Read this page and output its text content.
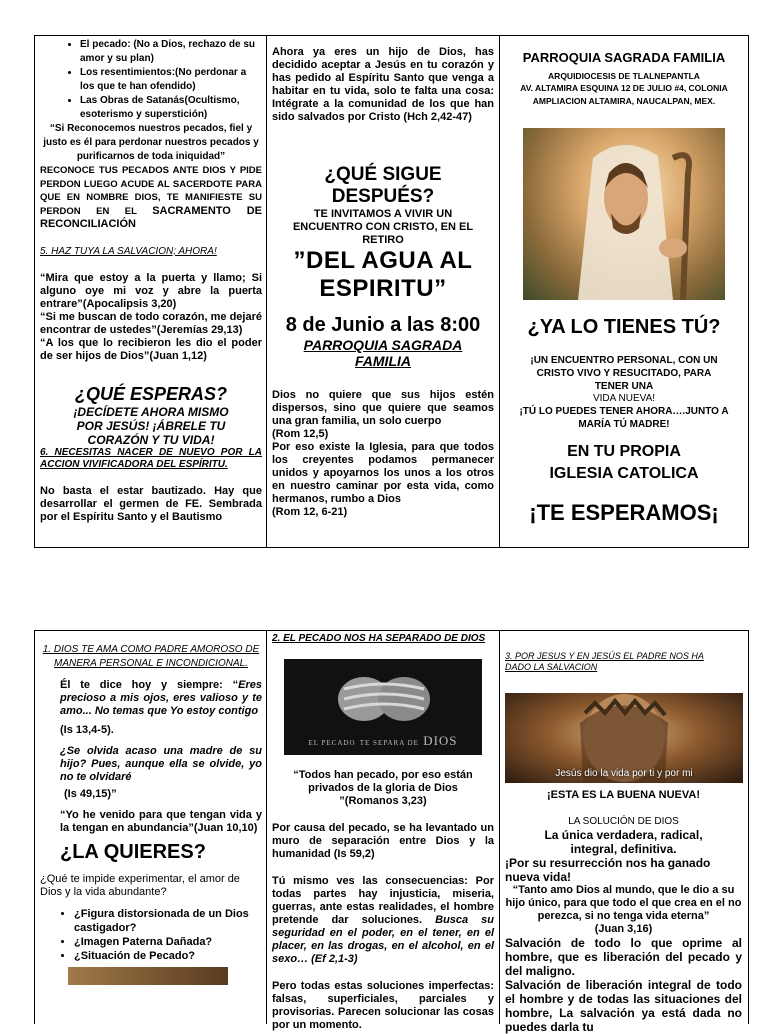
• El pecado: (No a Dios, rechazo de su amor y su plan)
• Los resentimientos:(No perdonar a los que te han ofendido)
• Las Obras de Satanás(Ocultismo, esoterismo y superstición)

“Si Reconocemos nuestros pecados, fiel y justo es él para perdonar nuestros pecados y purificarnos de toda iniquidad”

RECONOCE TUS PECADOS ANTE DIOS Y PIDE PERDON LUEGO ACUDE AL SACERDOTE PARA QUE EN NOMBRE DIOS, TE MANIFIESTE SU PERDON EN EL SACRAMENTO DE RECONCILIACIÓN

5. HAZ TUYA LA SALVACION; AHORA!

“Mira que estoy a la puerta y llamo; Si alguno oye mi voz y abre la puerta entrare”(Apocalipsis 3,20)

“Si me buscan de todo corazón, me dejaré encontrar de ustedes”(Jeremías 29,13)

“A los que lo recibieron les dio el poder de ser hijos de Dios”(Juan 1,12)

¿QUÉ ESPERAS?

¡DECÍDETE AHORA MISMO POR JESÚS! ¡ÁBRELE TU CORAZÓN Y TU VIDA!

6. NECESITAS NACER DE NUEVO POR LA ACCION VIVIFICADORA DEL ESPÍRITU.

No basta el estar bautizado. Hay que desarrollar el germen de FE. Sembrada por el Espíritu Santo y el Bautismo

Ahora ya eres un hijo de Dios, has decidido aceptar a Jesús en tu corazón y has pedido al Espíritu Santo que venga a habitar en tu vida, solo te falta una cosa: Intégrate a la comunidad de los que han sido salvados por Cristo (Hch 2,42-47)

¿QUÉ SIGUE DESPUÉS?

TE INVITAMOS A VIVIR UN ENCUENTRO CON CRISTO, EN EL RETIRO

”DEL AGUA AL ESPIRITU”

8 de Junio a las 8:00

PARROQUIA SAGRADA FAMILIA

Dios no quiere que sus hijos estén dispersos, sino que quiere que seamos una gran familia, un solo cuerpo

(Rom 12,5)

Por eso existe la Iglesia, para que todos los creyentes podamos permanecer unidos y apoyarnos los unos a los otros en nuestro caminar por esta vida, como hermanos, rumbo a Dios

(Rom 12, 6-21)

PARROQUIA SAGRADA FAMILIA

ARQUIDIOCESIS DE TLALNEPANTLA

AV. ALTAMIRA ESQUINA 12 DE JULIO #4, COLONIA AMPLIACION ALTAMIRA, NAUCALPAN, MEX.

¿YA LO TIENES TÚ?

¡UN ENCUENTRO PERSONAL, CON UN CRISTO VIVO Y RESUCITADO, PARA TENER UNA

VIDA NUEVA!

¡TÚ LO PUEDES TENER AHORA….JUNTO A MARÍA TÚ MADRE!

EN TU PROPIA IGLESIA CATOLICA

¡TE ESPERAMOS¡

1. DIOS TE AMA COMO PADRE AMOROSO DE MANERA PERSONAL E INCONDICIONAL.

Él te dice hoy y siempre: “Eres precioso a mis ojos, eres valioso y te amo... No temas que Yo estoy contigo

(Is 13,4-5).

¿Se olvida acaso una madre de su hijo? Pues, aunque ella se olvide, yo no te olvidaré

(Is 49,15)”

“Yo he venido para que tengan vida y la tengan en abundancia”(Juan 10,10)

¿LA QUIERES?

¿Qué te impide experimentar, el amor de Dios y la vida abundante?

• ¿Figura distorsionada de un Dios castigador?
• ¿Imagen Paterna Dañada?
• ¿Situación de Pecado?

2. EL PECADO NOS HA SEPARADO DE DIOS

EL PECADO TE SEPARA DE DIOS

“Todos han pecado, por eso están privados de la gloria de Dios ”(Romanos 3,23)

Por causa del pecado, se ha levantado un muro de separación entre Dios y la humanidad (Is 59,2)

Tú mismo ves las consecuencias: Por todas partes hay injusticia, miseria, guerras, ante estas realidades, el hombre pretende dar soluciones. Busca su seguridad en el poder, en el tener, en el placer, en las drogas, en el alcohol, en el sexo… (Ef 2,1-3)

Pero todas estas soluciones imperfectas: falsas, superficiales, parciales y provisorias. Parecen solucionar las cosas por un momento.

3. POR JESUS Y EN JESÚS EL PADRE NOS HA DADO LA SALVACION

Jesús dio la vida por ti y por mi

¡ESTA ES LA BUENA NUEVA!

LA SOLUCIÓN DE DIOS

La única verdadera, radical, integral, definitiva.

¡Por su resurrección nos ha ganado nueva vida!

“Tanto amo Dios al mundo, que le dio a su hijo único, para que todo el que crea en el no perezca, si no tenga vida eterna”

(Juan 3,16)

Salvación de todo lo que oprime al hombre, que es liberación del pecado y del maligno.

Salvación de liberación integral de todo el hombre y de todas las situaciones del hombre, La salvación ya está dada no puedes darla tu
